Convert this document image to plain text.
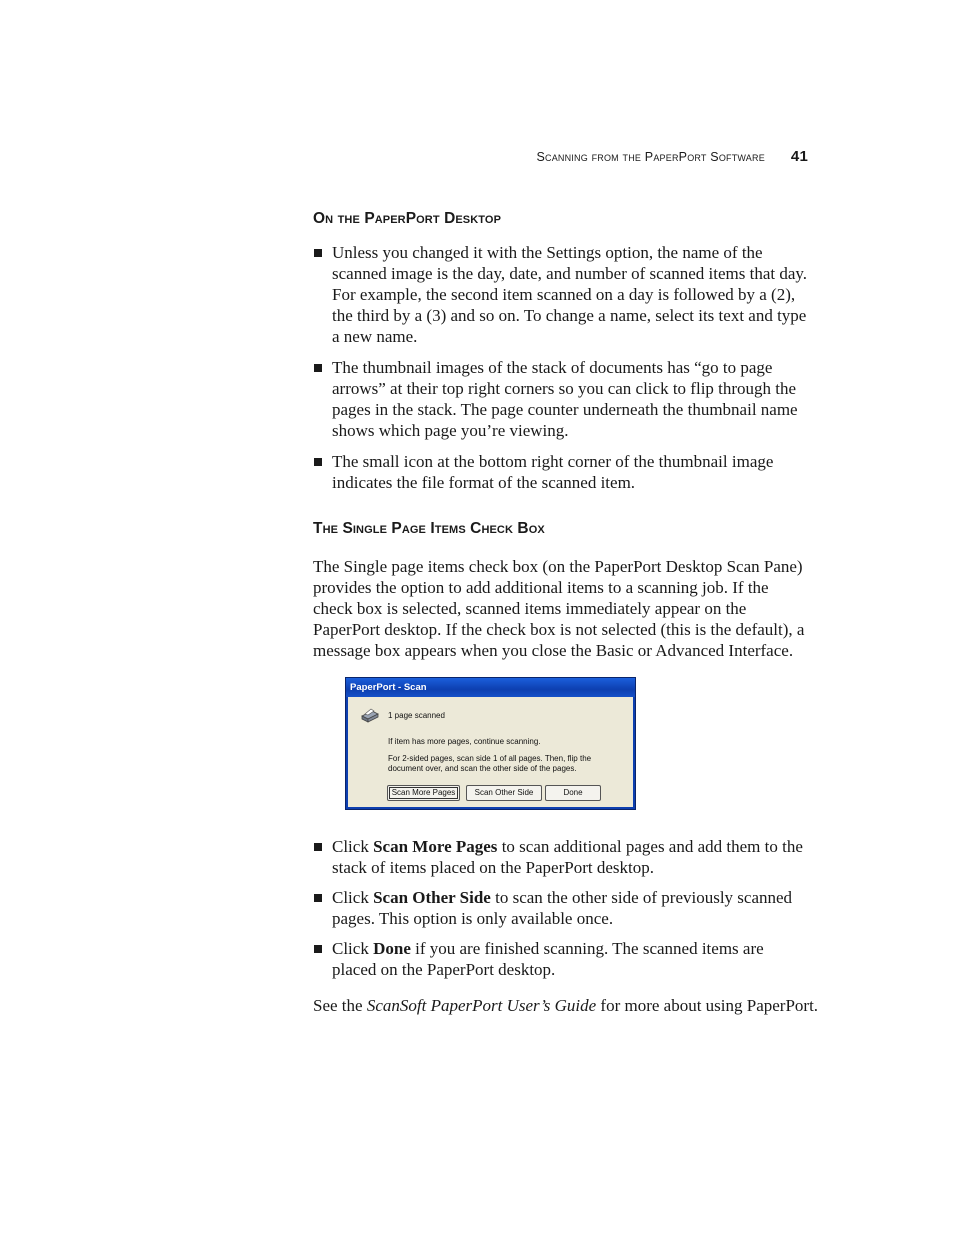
Scanning from the PaperPort Software 41
On the PaperPort Desktop
Unless you changed it with the Settings option, the name of the scanned image is the day, date, and number of scanned items that day. For example, the second item scanned on a day is followed by a (2), the third by a (3) and so on. To change a name, select its text and type a new name.
The thumbnail images of the stack of documents has “go to page arrows” at their top right corners so you can click to flip through the pages in the stack. The page counter underneath the thumbnail name shows which page you’re viewing.
The small icon at the bottom right corner of the thumbnail image indicates the file format of the scanned item.
The Single Page Items Check Box

The Single page items check box (on the PaperPort Desktop Scan Pane) provides the option to add additional items to a scanning job. If the check box is selected, scanned items immediately appear on the PaperPort desktop. If the check box is not selected (this is the default), a message box appears when you close the Basic or Advanced Interface.

PaperPort - Scan
1 page scanned
If item has more pages, continue scanning.
For 2-sided pages, scan side 1 of all pages. Then, flip the
document over, and scan the other side of the pages.
Scan More Pages	Scan Other Side	Done
Click Scan More Pages to scan additional pages and add them to the stack of items placed on the PaperPort desktop.
Click Scan Other Side to scan the other side of previously scanned pages. This option is only available once.
Click Done if you are finished scanning. The scanned items are placed on the PaperPort desktop.

See the ScanSoft PaperPort User’s Guide for more about using PaperPort.
